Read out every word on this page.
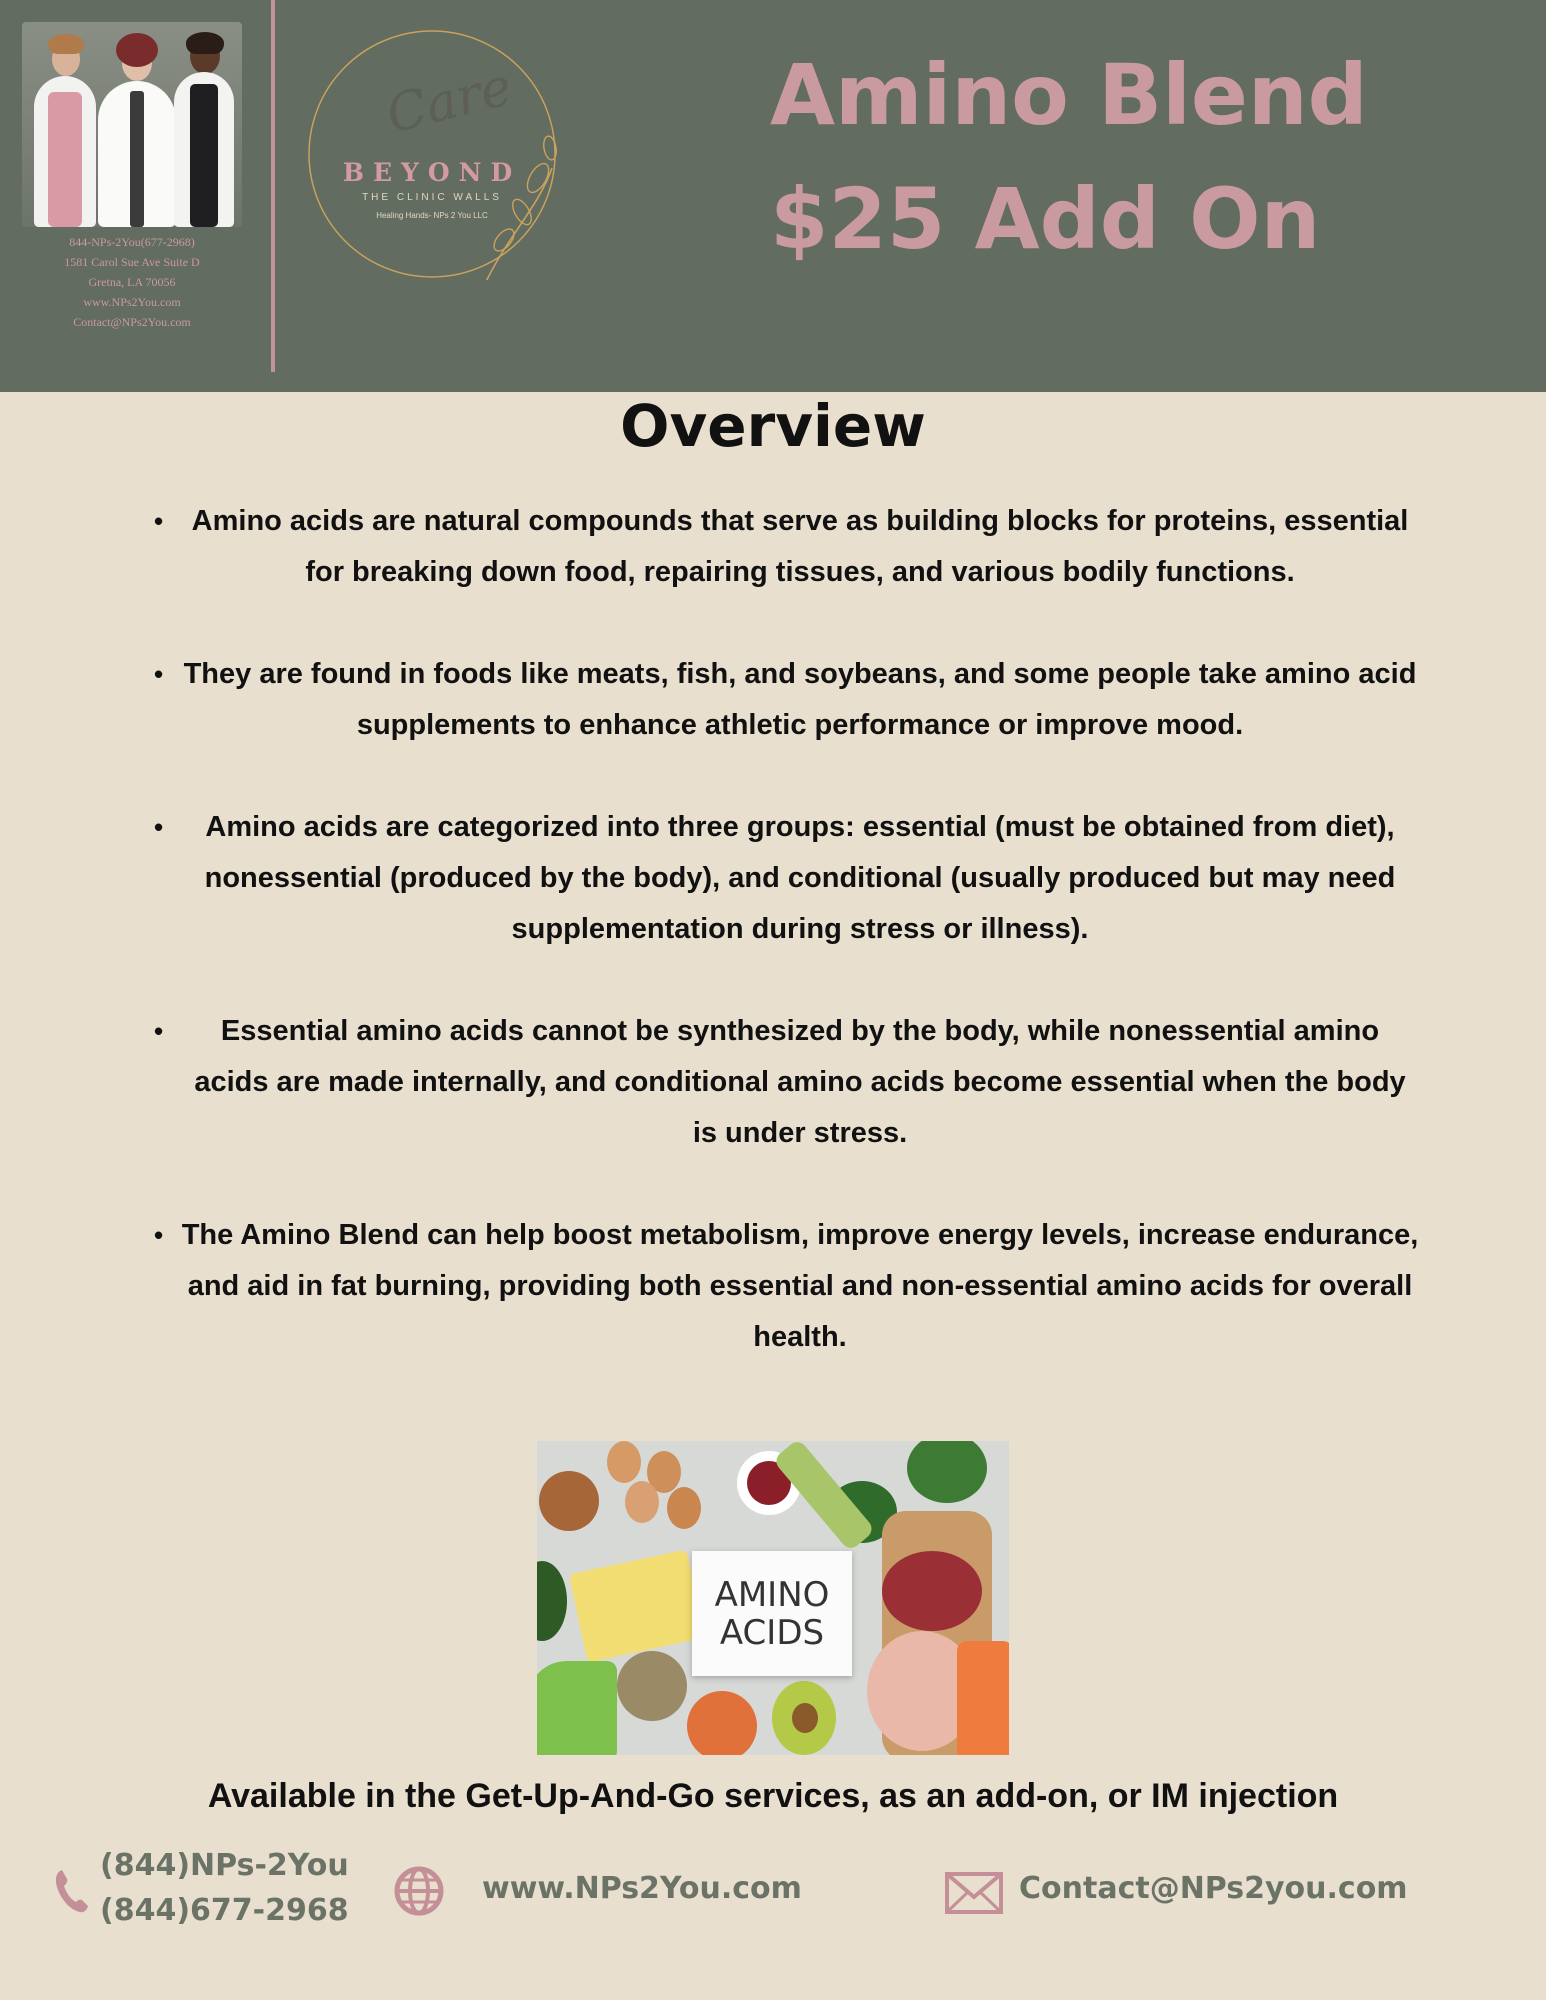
844-NPs-2You(677-2968)
1581 Carol Sue Ave Suite D
Gretna, LA 70056
www.NPs2You.com
Contact@NPs2You.com
Care
BEYOND
THE CLINIC WALLS
Healing Hands- NPs 2 You LLC
Amino Blend
$25 Add On
Overview
• Amino acids are natural compounds that serve as building blocks for proteins, essential for breaking down food, repairing tissues, and various bodily functions.
• They are found in foods like meats, fish, and soybeans, and some people take amino acid supplements to enhance athletic performance or improve mood.
• Amino acids are categorized into three groups: essential (must be obtained from diet), nonessential (produced by the body), and conditional (usually produced but may need supplementation during stress or illness).
• Essential amino acids cannot be synthesized by the body, while nonessential amino acids are made internally, and conditional amino acids become essential when the body is under stress.
• The Amino Blend can help boost metabolism, improve energy levels, increase endurance, and aid in fat burning, providing both essential and non-essential amino acids for overall health.
AMINO
ACIDS
Available in the Get-Up-And-Go services, as an add-on, or IM injection
(844)NPs-2You
(844)677-2968
www.NPs2You.com	Contact@NPs2you.com
